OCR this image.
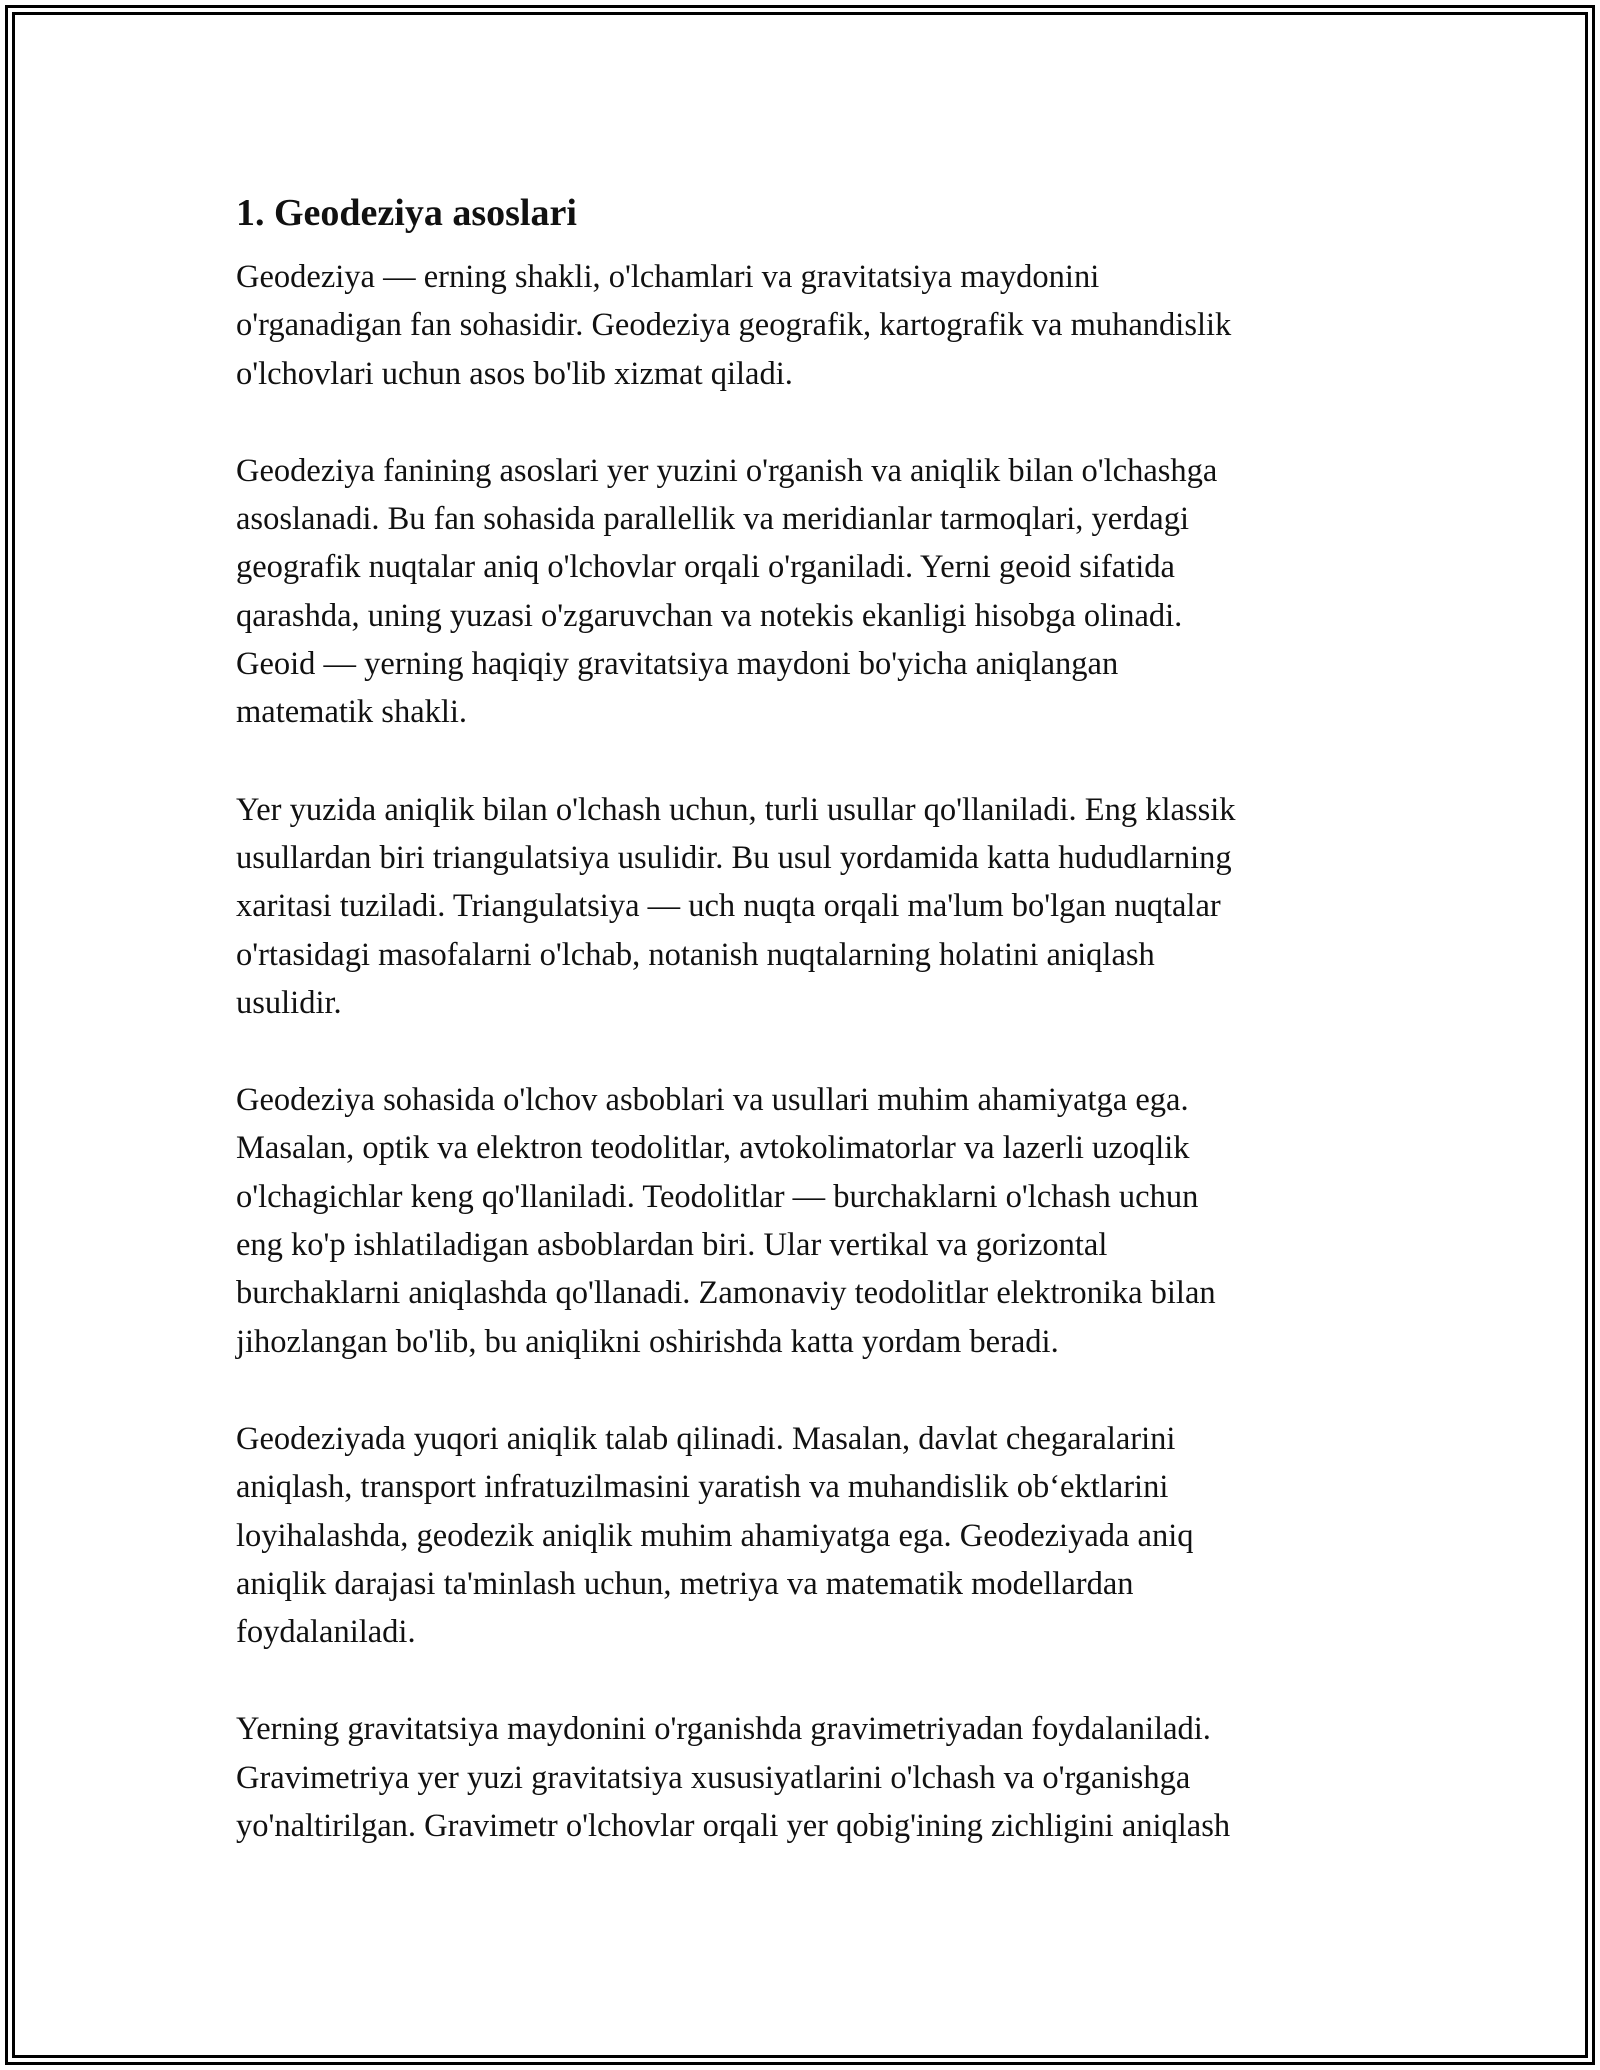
1. Geodeziya asoslari
Geodeziya — erning shakli, o'lchamlari va gravitatsiya maydonini
o'rganadigan fan sohasidir. Geodeziya geografik, kartografik va muhandislik
o'lchovlari uchun asos bo'lib xizmat qiladi.
Geodeziya fanining asoslari yer yuzini o'rganish va aniqlik bilan o'lchashga
asoslanadi. Bu fan sohasida parallellik va meridianlar tarmoqlari, yerdagi
geografik nuqtalar aniq o'lchovlar orqali o'rganiladi. Yerni geoid sifatida
qarashda, uning yuzasi o'zgaruvchan va notekis ekanligi hisobga olinadi.
Geoid — yerning haqiqiy gravitatsiya maydoni bo'yicha aniqlangan
matematik shakli.
Yer yuzida aniqlik bilan o'lchash uchun, turli usullar qo'llaniladi. Eng klassik
usullardan biri triangulatsiya usulidir. Bu usul yordamida katta hududlarning
xaritasi tuziladi. Triangulatsiya — uch nuqta orqali ma'lum bo'lgan nuqtalar
o'rtasidagi masofalarni o'lchab, notanish nuqtalarning holatini aniqlash
usulidir.
Geodeziya sohasida o'lchov asboblari va usullari muhim ahamiyatga ega.
Masalan, optik va elektron teodolitlar, avtokolimatorlar va lazerli uzoqlik
o'lchagichlar keng qo'llaniladi. Teodolitlar — burchaklarni o'lchash uchun
eng ko'p ishlatiladigan asboblardan biri. Ular vertikal va gorizontal
burchaklarni aniqlashda qo'llanadi. Zamonaviy teodolitlar elektronika bilan
jihozlangan bo'lib, bu aniqlikni oshirishda katta yordam beradi.
Geodeziyada yuqori aniqlik talab qilinadi. Masalan, davlat chegaralarini
aniqlash, transport infratuzilmasini yaratish va muhandislik ob‘ektlarini
loyihalashda, geodezik aniqlik muhim ahamiyatga ega. Geodeziyada aniq
aniqlik darajasi ta'minlash uchun, metriya va matematik modellardan
foydalaniladi.
Yerning gravitatsiya maydonini o'rganishda gravimetriyadan foydalaniladi.
Gravimetriya yer yuzi gravitatsiya xususiyatlarini o'lchash va o'rganishga
yo'naltirilgan. Gravimetr o'lchovlar orqali yer qobig'ining zichligini aniqlash
